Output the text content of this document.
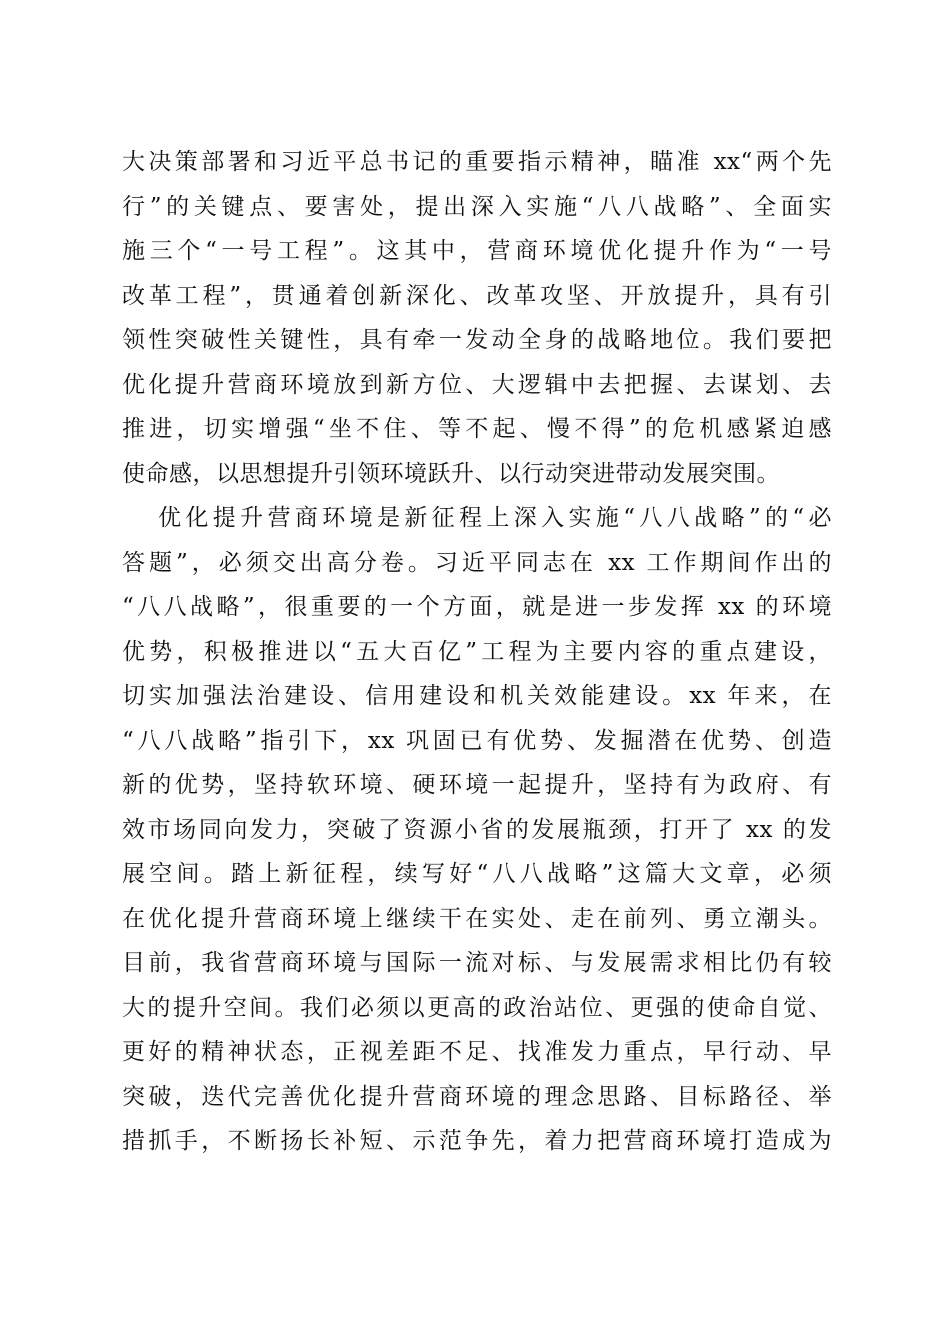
大决策部署和习近平总书记的重要指示精神，瞄准 xx“两个先
行”的关键点、要害处，提出深入实施“八八战略”、全面实
施三个“一号工程”。这其中，营商环境优化提升作为“一号
改革工程”，贯通着创新深化、改革攻坚、开放提升，具有引
领性突破性关键性，具有牵一发动全身的战略地位。我们要把
优化提升营商环境放到新方位、大逻辑中去把握、去谋划、去
推进，切实增强“坐不住、等不起、慢不得”的危机感紧迫感
使命感，以思想提升引领环境跃升、以行动突进带动发展突围。
优化提升营商环境是新征程上深入实施“八八战略”的“必
答题”，必须交出高分卷。习近平同志在 xx 工作期间作出的
“八八战略”，很重要的一个方面，就是进一步发挥 xx 的环境
优势，积极推进以“五大百亿”工程为主要内容的重点建设，
切实加强法治建设、信用建设和机关效能建设。xx 年来，在
“八八战略”指引下，xx 巩固已有优势、发掘潜在优势、创造
新的优势，坚持软环境、硬环境一起提升，坚持有为政府、有
效市场同向发力，突破了资源小省的发展瓶颈，打开了 xx 的发
展空间。踏上新征程，续写好“八八战略”这篇大文章，必须
在优化提升营商环境上继续干在实处、走在前列、勇立潮头。
目前，我省营商环境与国际一流对标、与发展需求相比仍有较
大的提升空间。我们必须以更高的政治站位、更强的使命自觉、
更好的精神状态，正视差距不足、找准发力重点，早行动、早
突破，迭代完善优化提升营商环境的理念思路、目标路径、举
措抓手，不断扬长补短、示范争先，着力把营商环境打造成为
